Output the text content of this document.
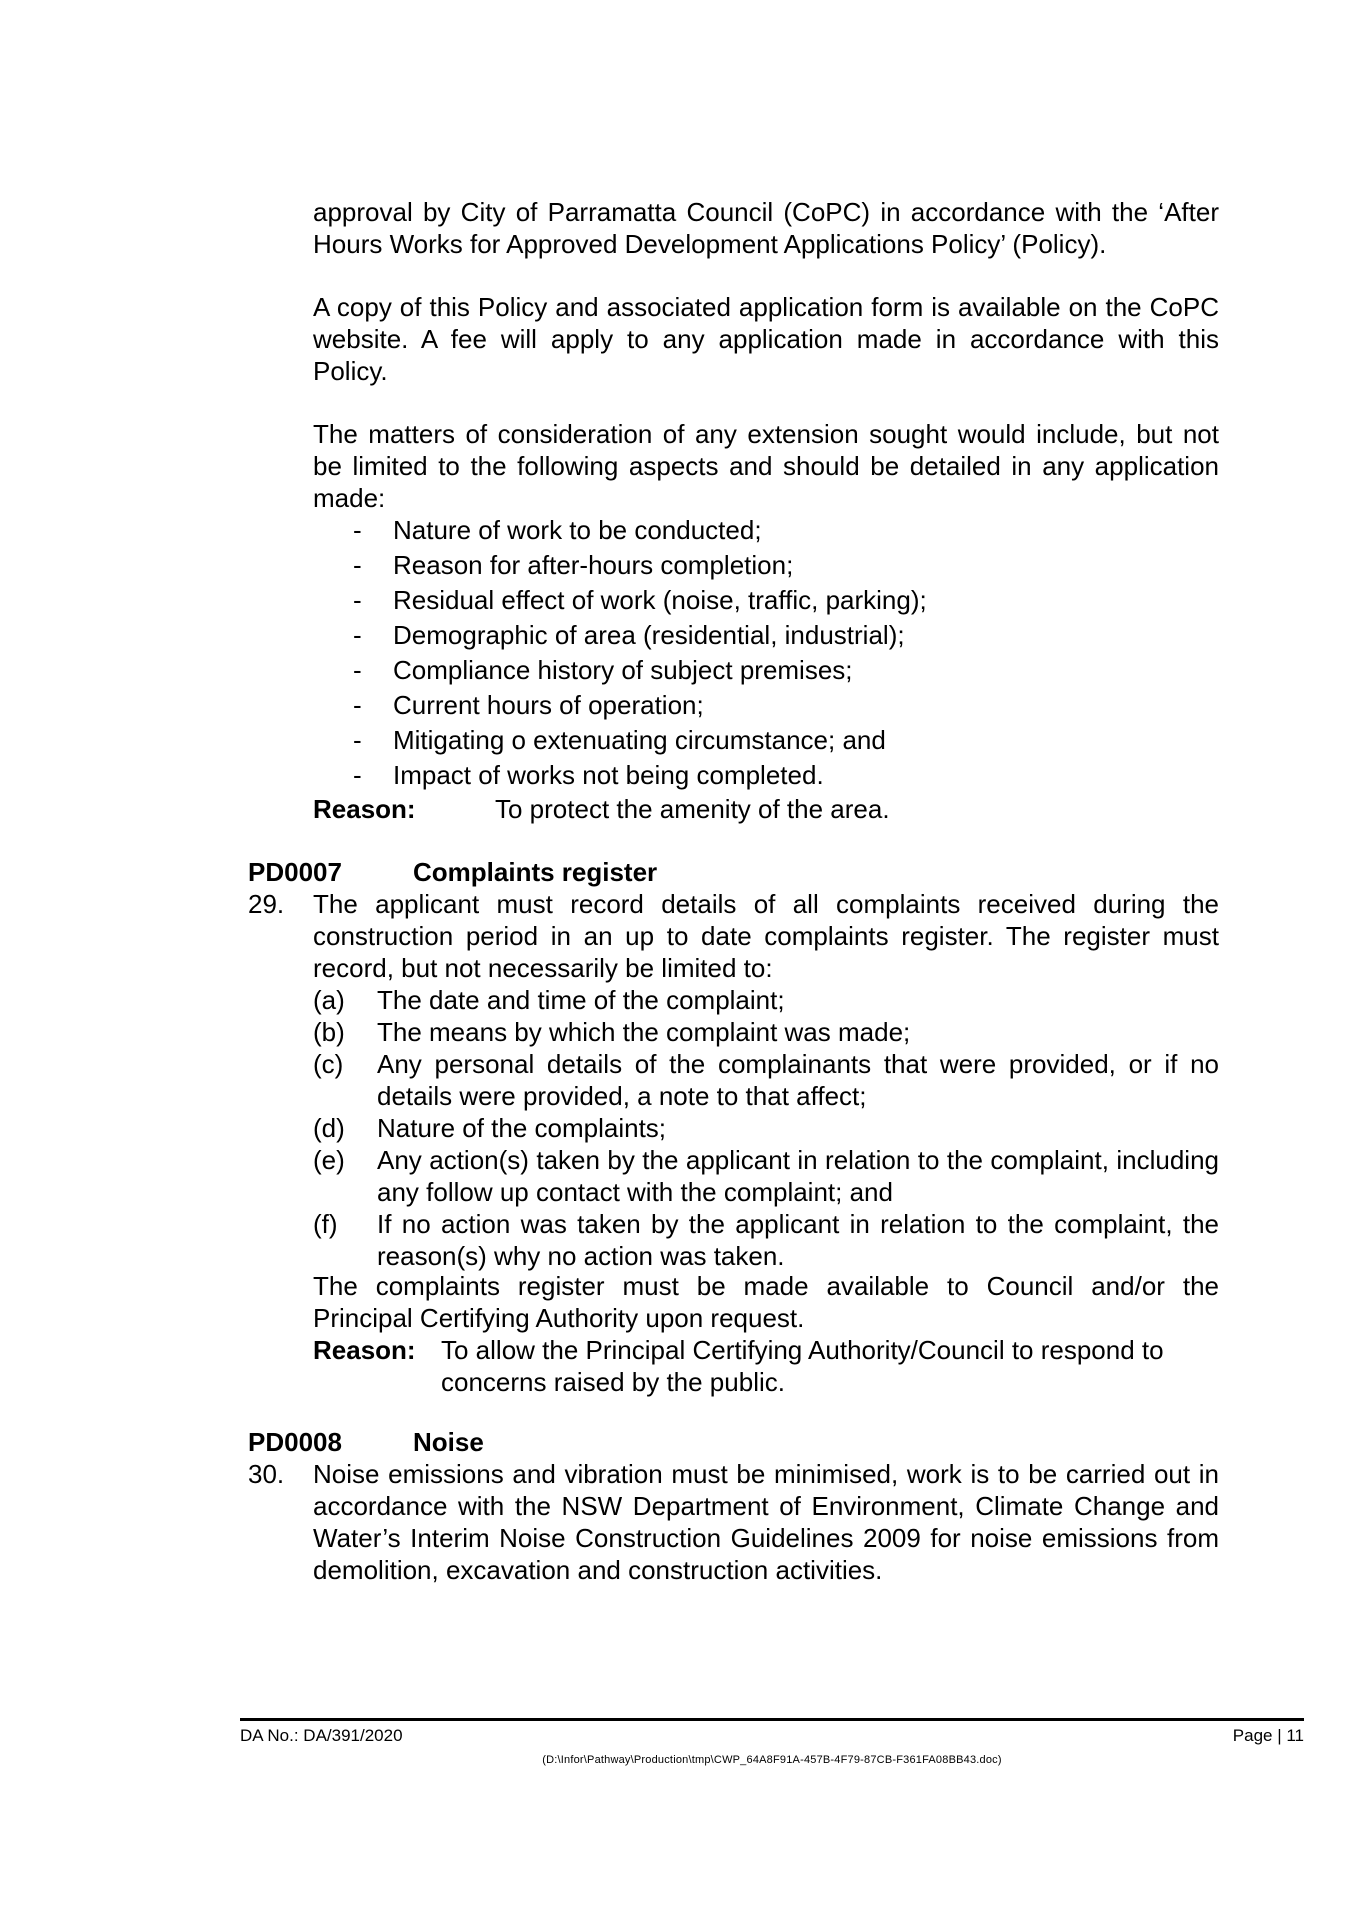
approval by City of Parramatta Council (CoPC) in accordance with the ‘After Hours Works for Approved Development Applications Policy’ (Policy).
A copy of this Policy and associated application form is available on the CoPC website. A fee will apply to any application made in accordance with this Policy.
The matters of consideration of any extension sought would include, but not be limited to the following aspects and should be detailed in any application made:
- Nature of work to be conducted;
- Reason for after-hours completion;
- Residual effect of work (noise, traffic, parking);
- Demographic of area (residential, industrial);
- Compliance history of subject premises;
- Current hours of operation;
- Mitigating o extenuating circumstance; and
- Impact of works not being completed.
Reason:	To protect the amenity of the area.
PD0007	Complaints register
29. The applicant must record details of all complaints received during the construction period in an up to date complaints register. The register must record, but not necessarily be limited to:
(a) The date and time of the complaint;
(b) The means by which the complaint was made;
(c) Any personal details of the complainants that were provided, or if no details were provided, a note to that affect;
(d) Nature of the complaints;
(e) Any action(s) taken by the applicant in relation to the complaint, including any follow up contact with the complaint; and
(f) If no action was taken by the applicant in relation to the complaint, the reason(s) why no action was taken.
The complaints register must be made available to Council and/or the Principal Certifying Authority upon request.
Reason: To allow the Principal Certifying Authority/Council to respond to concerns raised by the public.
PD0008	Noise
30. Noise emissions and vibration must be minimised, work is to be carried out in accordance with the NSW Department of Environment, Climate Change and Water’s Interim Noise Construction Guidelines 2009 for noise emissions from demolition, excavation and construction activities.
DA No.: DA/391/2020	Page | 11
(D:\Infor\Pathway\Production\tmp\CWP_64A8F91A-457B-4F79-87CB-F361FA08BB43.doc)
